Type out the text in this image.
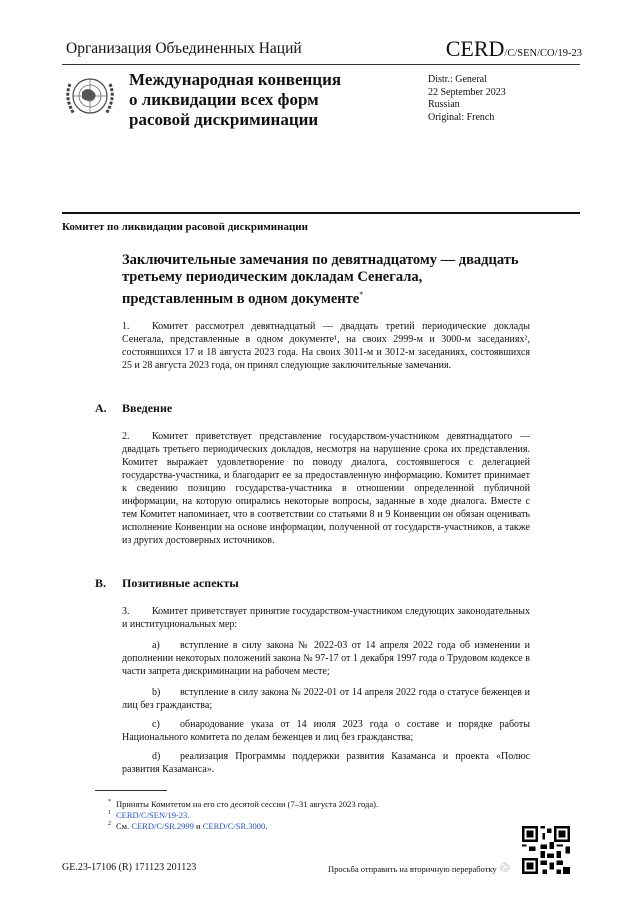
Организация Объединенных Наций	CERD/C/SEN/CO/19-23
Международная конвенция
о ликвидации всех форм
расовой дискриминации
Distr.: General
22 September 2023
Russian
Original: French
Комитет по ликвидации расовой дискриминации
Заключительные замечания по девятнадцатому — двадцать третьему периодическим докладам Сенегала, представленным в одном документе*
1. Комитет рассмотрел девятнадцатый — двадцать третий периодические доклады Сенегала, представленные в одном документе¹, на своих 2999-м и 3000-м заседаниях², состоявшихся 17 и 18 августа 2023 года. На своих 3011-м и 3012-м заседаниях, состоявшихся 25 и 28 августа 2023 года, он принял следующие заключительные замечания.
A. Введение
2. Комитет приветствует представление государством-участником девятнадцатого — двадцать третьего периодических докладов, несмотря на нарушение срока их представления. Комитет выражает удовлетворение по поводу диалога, состоявшегося с делегацией государства-участника, и благодарит ее за предоставленную информацию. Комитет принимает к сведению позицию государства-участника в отношении определенной публичной информации, на которую опирались некоторые вопросы, заданные в ходе диалога. Вместе с тем Комитет напоминает, что в соответствии со статьями 8 и 9 Конвенции он обязан оценивать исполнение Конвенции на основе информации, полученной от государств-участников, а также из других достоверных источников.
B. Позитивные аспекты
3. Комитет приветствует принятие государством-участником следующих законодательных и институциональных мер:
a) вступление в силу закона № 2022-03 от 14 апреля 2022 года об изменении и дополнении некоторых положений закона № 97-17 от 1 декабря 1997 года о Трудовом кодексе в части запрета дискриминации на рабочем месте;
b) вступление в силу закона № 2022-01 от 14 апреля 2022 года о статусе беженцев и лиц без гражданства;
c) обнародование указа от 14 июля 2023 года о составе и порядке работы Национального комитета по делам беженцев и лиц без гражданства;
d) реализация Программы поддержки развития Казаманса и проекта «Полюс развития Казаманса».
* Приняты Комитетом на его сто десятой сессии (7–31 августа 2023 года).
$^1$ CERD/C/SEN/19-23.
$^2$ См. CERD/C/SR.2999 и CERD/C/SR.3000.
GE.23-17106 (R) 171123 201123	Просьба отправить на вторичную переработку ♲
